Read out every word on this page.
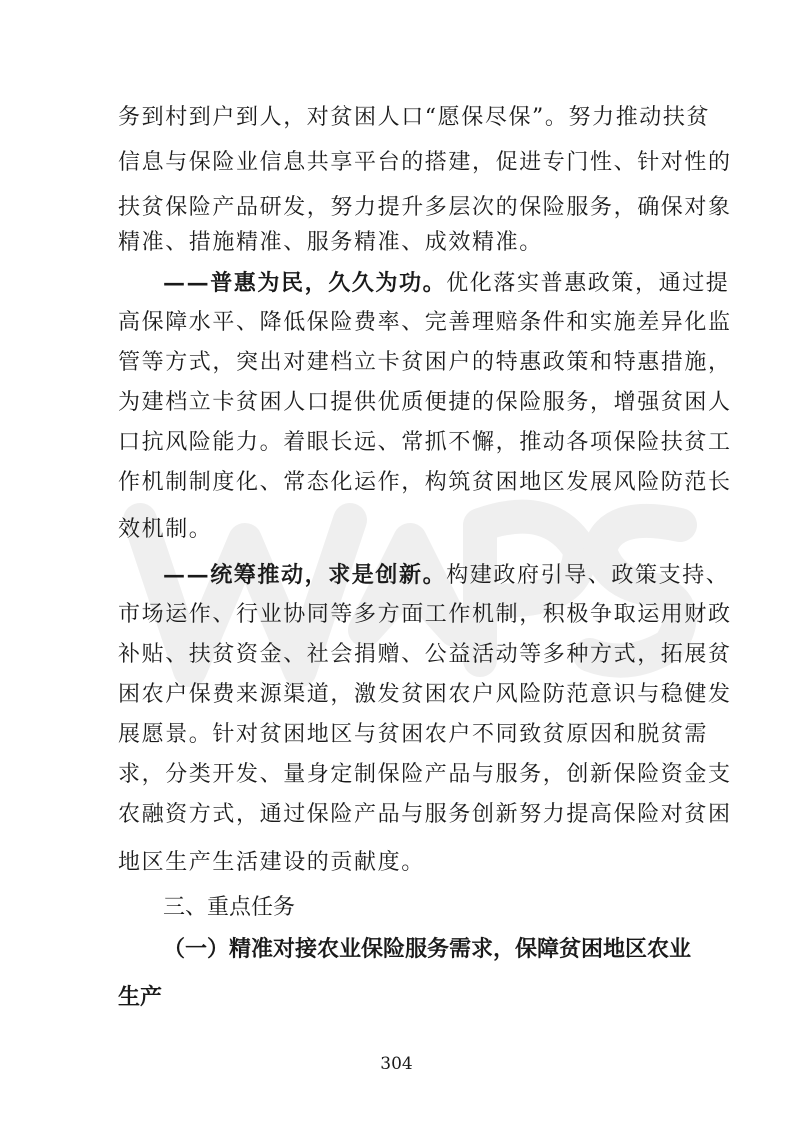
务到村到户到人，对贫困人口“愿保尽保”。努力推动扶贫
信息与保险业信息共享平台的搭建，促进专门性、针对性的
扶贫保险产品研发，努力提升多层次的保险服务，确保对象
精准、措施精准、服务精准、成效精准。
——普惠为民，久久为功。优化落实普惠政策，通过提
高保障水平、降低保险费率、完善理赔条件和实施差异化监
管等方式，突出对建档立卡贫困户的特惠政策和特惠措施，
为建档立卡贫困人口提供优质便捷的保险服务，增强贫困人
口抗风险能力。着眼长远、常抓不懈，推动各项保险扶贫工
作机制制度化、常态化运作，构筑贫困地区发展风险防范长
效机制。
——统筹推动，求是创新。构建政府引导、政策支持、
市场运作、行业协同等多方面工作机制，积极争取运用财政
补贴、扶贫资金、社会捐赠、公益活动等多种方式，拓展贫
困农户保费来源渠道，激发贫困农户风险防范意识与稳健发
展愿景。针对贫困地区与贫困农户不同致贫原因和脱贫需
求，分类开发、量身定制保险产品与服务，创新保险资金支
农融资方式，通过保险产品与服务创新努力提高保险对贫困
地区生产生活建设的贡献度。
三、重点任务
（一）精准对接农业保险服务需求，保障贫困地区农业
生产
304
